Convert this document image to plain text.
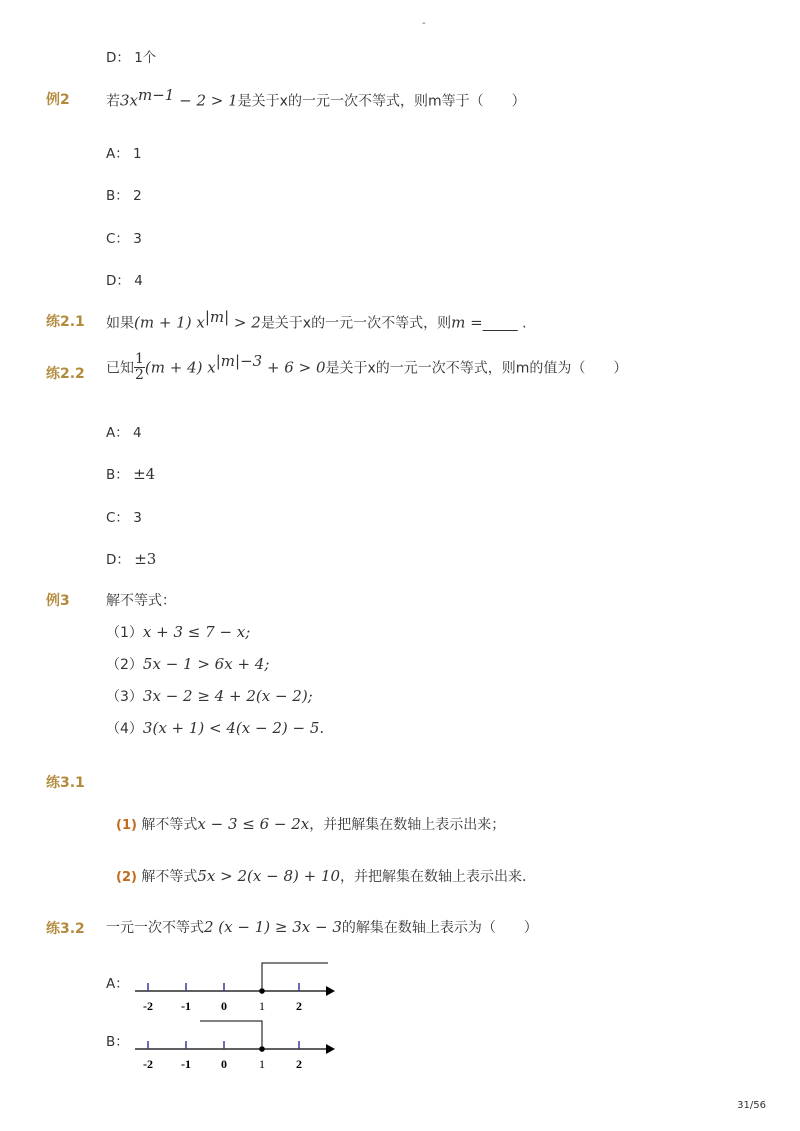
-
D： 1个
例2	若$3x^{m-1} - 2 > 1$是关于x的一元一次不等式，则m等于（　　）
A： 1
B： 2
C： 3
D： 4
练2.1 如果(m + 1) $x^{|m|} > 2$是关于x的一元一次不等式，则m =_____ .
练2.2 已知 $\frac{1}{2} (m + 4) x^{|m|-3} + 6 > 0$是关于x的一元一次不等式，则m的值为（　　）
A： 4
B： ±4
C： 3
D： ±3
例3	解不等式：
（1）x + 3 ≤ 7 − x;
（2）5x − 1 > 6x + 4;
（3）3x − 2 ≥ 4 + 2(x − 2);
（4）3(x + 1) < 4(x − 2) − 5.
练3.1
(1) 解不等式x − 3 ≤ 6 − 2x，并把解集在数轴上表示出来；
(2) 解不等式5x > 2(x − 8) + 10，并把解集在数轴上表示出来．
练3.2 一元一次不等式2 (x − 1) ≥ 3x − 3的解集在数轴上表示为（　　）
A：
-2 -1	0	1	2
B：
-2 -1	0	1	2
31/56
